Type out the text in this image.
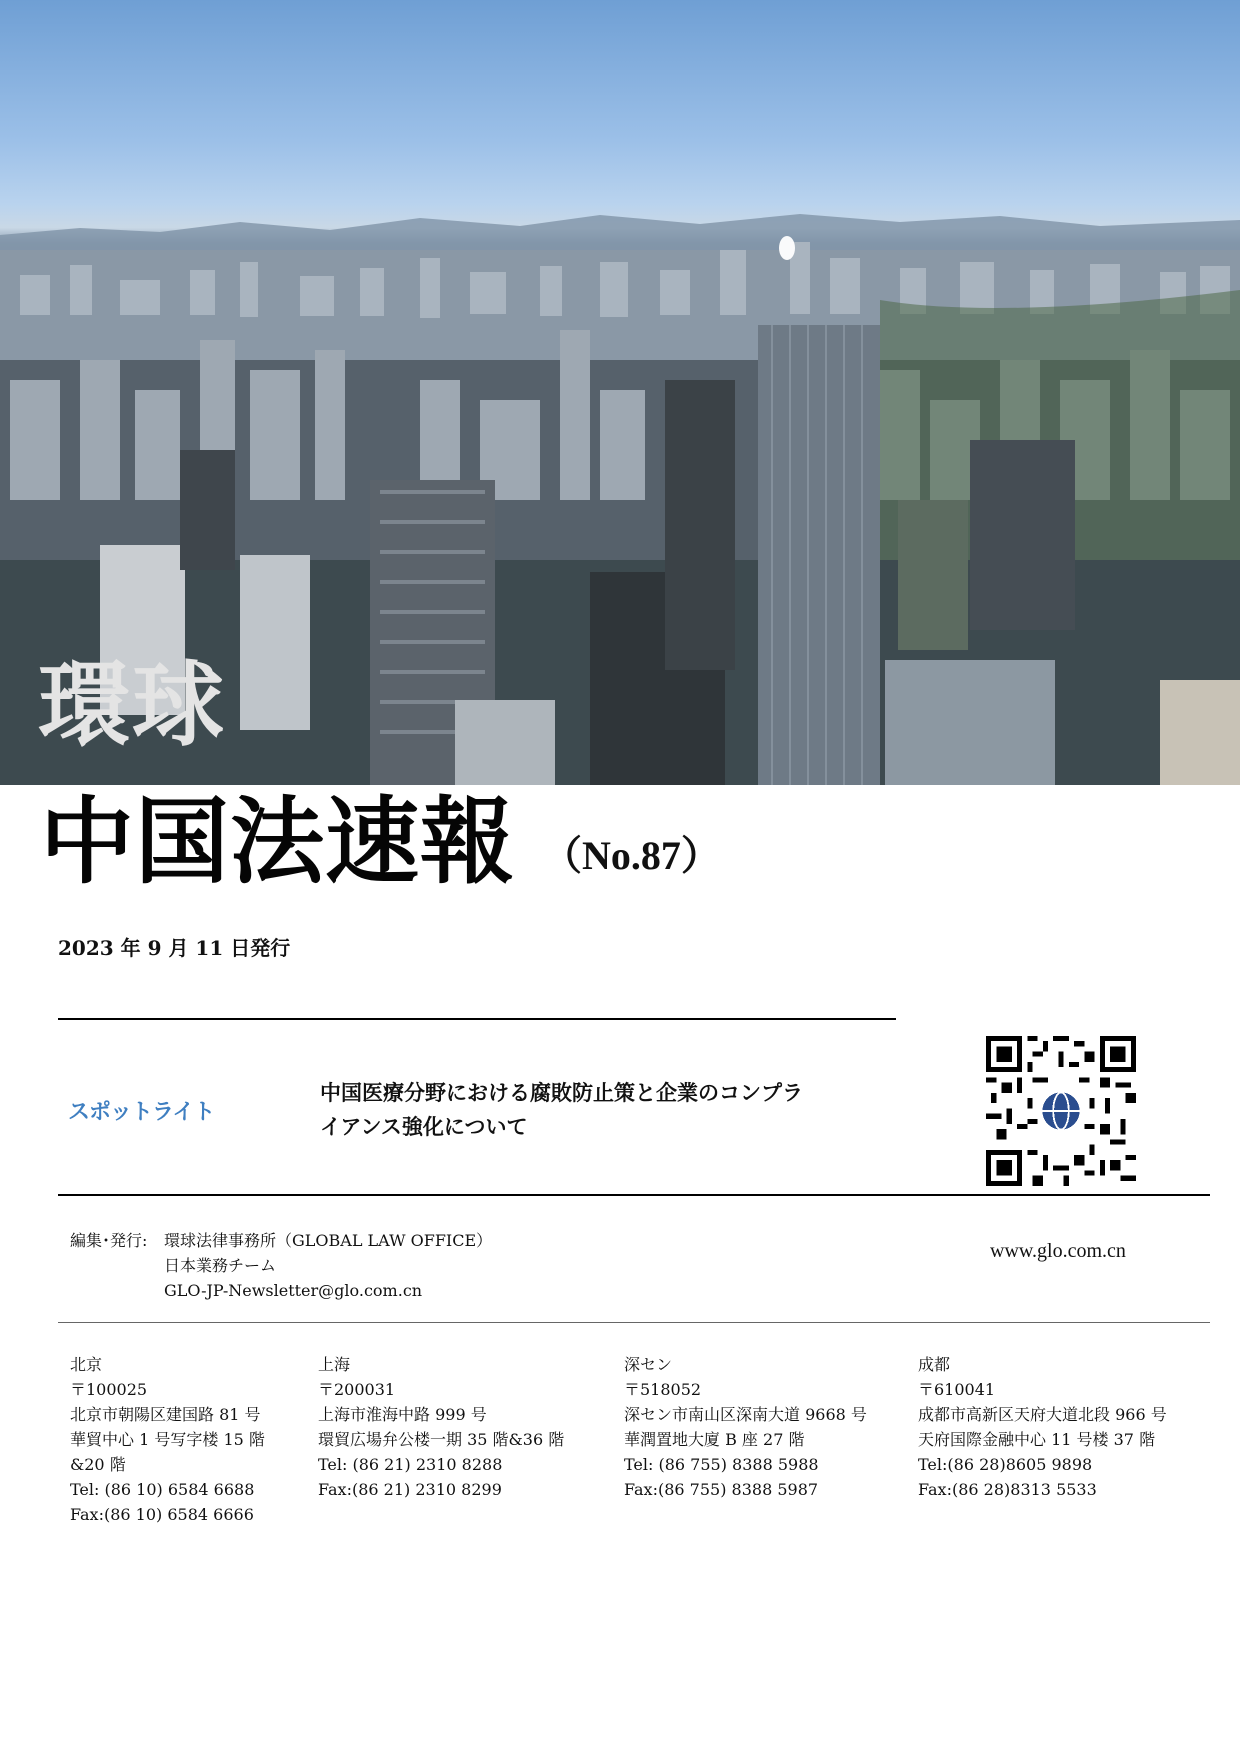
環球
中国法速報 （No.87）
2023 年 9 月 11 日発行
スポットライト
中国医療分野における腐敗防止策と企業のコンプラ
イアンス強化について
編集･発行: 環球法律事務所（GLOBAL LAW OFFICE）
日本業務チーム
GLO-JP-Newsletter@glo.com.cn
www.glo.com.cn
北京
〒100025
北京市朝陽区建国路 81 号
華貿中心 1 号写字楼 15 階
&20 階
Tel: (86 10) 6584 6688
Fax:(86 10) 6584 6666
上海
〒200031
上海市淮海中路 999 号
環貿広場弁公楼一期 35 階&36 階
Tel: (86 21) 2310 8288
Fax:(86 21) 2310 8299
深セン
〒518052
深セン市南山区深南大道 9668 号
華潤置地大廈 B 座 27 階
Tel: (86 755) 8388 5988
Fax:(86 755) 8388 5987
成都
〒610041
成都市高新区天府大道北段 966 号
天府国際金融中心 11 号楼 37 階
Tel:(86 28)8605 9898
Fax:(86 28)8313 5533
